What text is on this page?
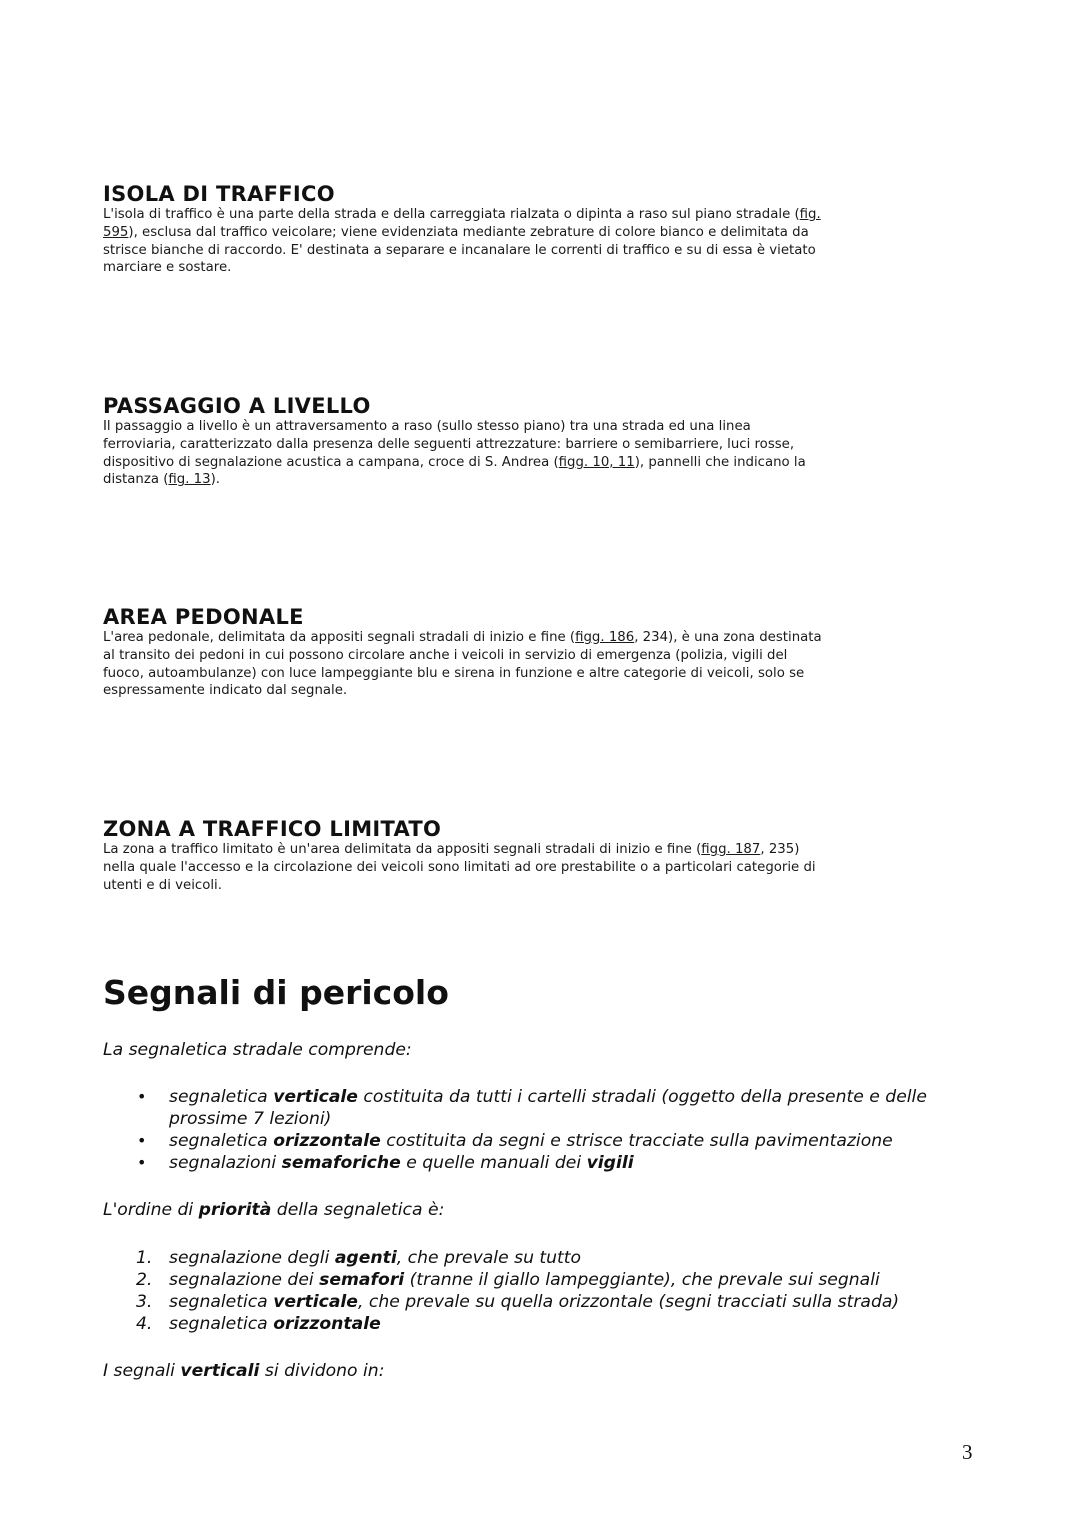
ISOLA DI TRAFFICO

L'isola di traffico è una parte della strada e della carreggiata rialzata o dipinta a raso sul piano stradale (fig. 595), esclusa dal traffico veicolare; viene evidenziata mediante zebrature di colore bianco e delimitata da strisce bianche di raccordo. E' destinata a separare e incanalare le correnti di traffico e su di essa è vietato marciare e sostare.

PASSAGGIO A LIVELLO

Il passaggio a livello è un attraversamento a raso (sullo stesso piano) tra una strada ed una linea ferroviaria, caratterizzato dalla presenza delle seguenti attrezzature: barriere o semibarriere, luci rosse, dispositivo di segnalazione acustica a campana, croce di S. Andrea (figg. 10, 11), pannelli che indicano la distanza (fig. 13).

AREA PEDONALE

L'area pedonale, delimitata da appositi segnali stradali di inizio e fine (figg. 186, 234), è una zona destinata al transito dei pedoni in cui possono circolare anche i veicoli in servizio di emergenza (polizia, vigili del fuoco, autoambulanze) con luce lampeggiante blu e sirena in funzione e altre categorie di veicoli, solo se espressamente indicato dal segnale.

ZONA A TRAFFICO LIMITATO

La zona a traffico limitato è un'area delimitata da appositi segnali stradali di inizio e fine (figg. 187, 235) nella quale l'accesso e la circolazione dei veicoli sono limitati ad ore prestabilite o a particolari categorie di utenti e di veicoli.

Segnali di pericolo

La segnaletica stradale comprende:

• segnaletica verticale costituita da tutti i cartelli stradali (oggetto della presente e delle prossime 7 lezioni)
• segnaletica orizzontale costituita da segni e strisce tracciate sulla pavimentazione
• segnalazioni semaforiche e quelle manuali dei vigili

L'ordine di priorità della segnaletica è:

1. segnalazione degli agenti, che prevale su tutto
2. segnalazione dei semafori (tranne il giallo lampeggiante), che prevale sui segnali
3. segnaletica verticale, che prevale su quella orizzontale (segni tracciati sulla strada)
4. segnaletica orizzontale

I segnali verticali si dividono in:

3
